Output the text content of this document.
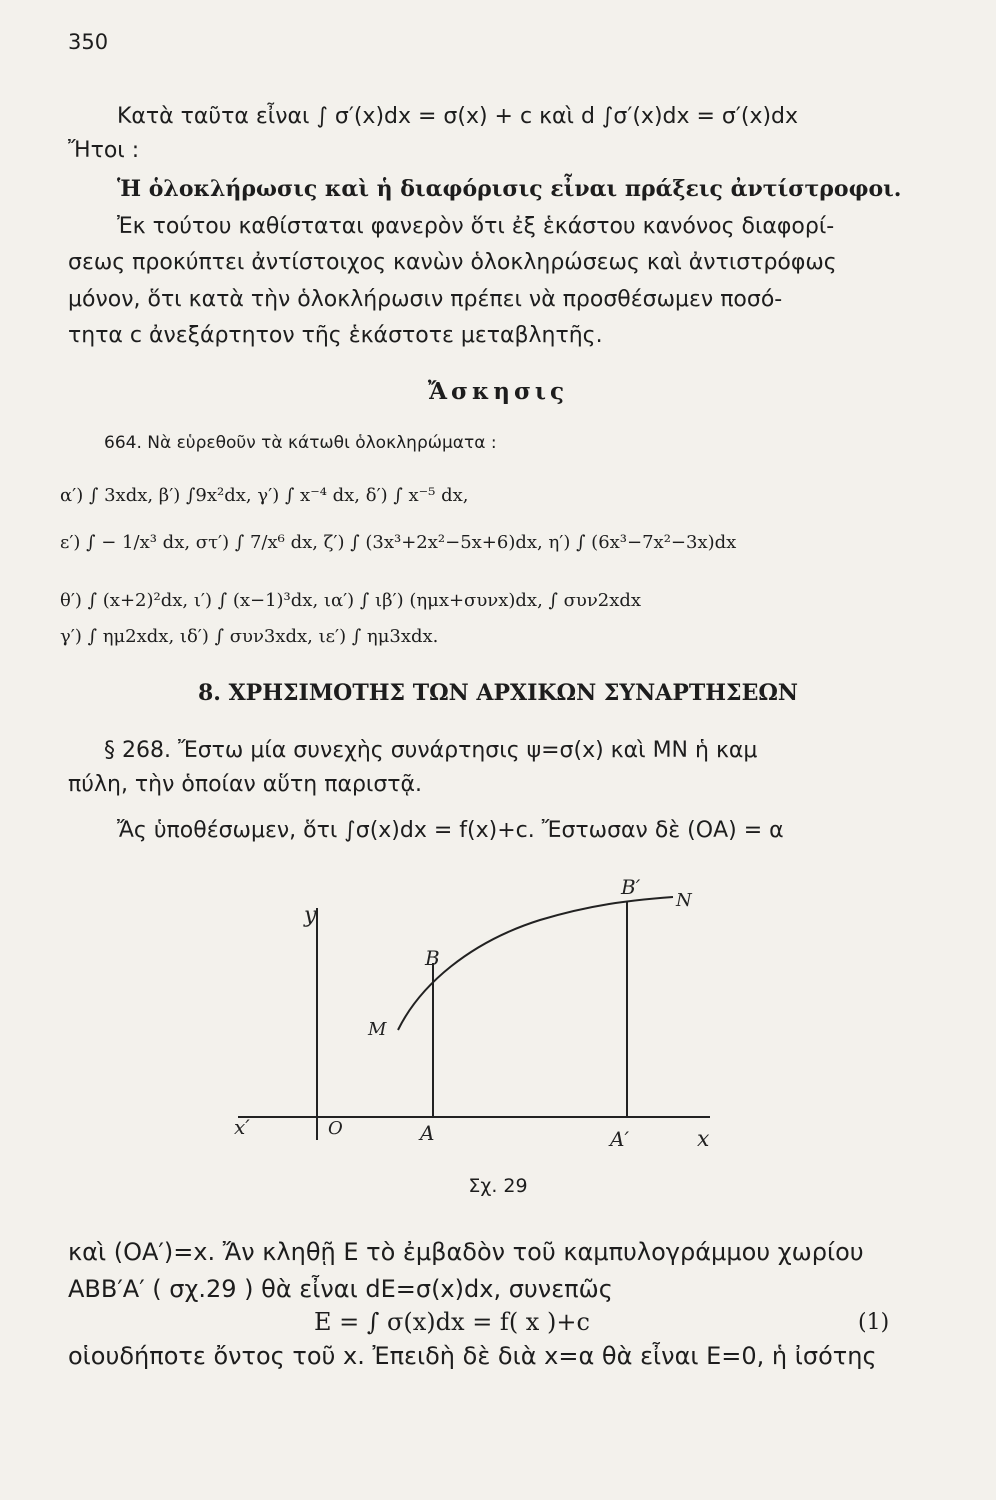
350
Κατὰ ταῦτα εἶναι ∫ σ′(x)dx = σ(x) + c καὶ d ∫σ′(x)dx = σ′(x)dx
Ἤτοι :
Ἡ ὁλοκλήρωσις καὶ ἡ διαφόρισις εἶναι πράξεις ἀντίστροφοι.
Ἐκ τούτου καθίσταται φανερὸν ὅτι ἐξ ἑκάστου κανόνος διαφορί-
σεως προκύπτει ἀντίστοιχος κανὼν ὁλοκληρώσεως καὶ ἀντιστρόφως
μόνον, ὅτι κατὰ τὴν ὁλοκλήρωσιν πρέπει νὰ προσθέσωμεν ποσό-
τητα c ἀνεξάρτητον τῆς ἑκάστοτε μεταβλητῆς.
Ἄσκησις
664. Νὰ εὑρεθοῦν τὰ κάτωθι ὁλοκληρώματα :
α′) ∫ 3xdx, β′) ∫9x²dx, γ′) ∫ x⁻⁴ dx, δ′) ∫ x⁻⁵ dx,
ε′) ∫ − 1/x³ dx, στ′) ∫ 7/x⁶ dx, ζ′) ∫ (3x³+2x²−5x+6)dx, η′) ∫ (6x³−7x²−3x)dx
θ′) ∫ (x+2)²dx, ι′) ∫ (x−1)³dx, ια′) ∫ ιβ′) (ημx+συνx)dx, ∫ συν2xdx
γ′) ∫ ημ2xdx, ιδ′) ∫ συν3xdx, ιε′) ∫ ημ3xdx.
8. ΧΡΗΣΙΜΟΤΗΣ ΤΩΝ ΑΡΧΙΚΩΝ ΣΥΝΑΡΤΗΣΕΩΝ
§ 268. Ἔστω μία συνεχὴς συνάρτησις ψ=σ(x) καὶ ΜΝ ἡ καμ
πύλη, τὴν ὁποίαν αὕτη παριστᾷ.
Ἄς ὑποθέσωμεν, ὅτι ∫σ(x)dx = f(x)+c. Ἔστωσαν δὲ (ΟΑ) = α
y
x
x′	O	A	A′
B
B′
M
N
Σχ. 29
καὶ (ΟΑ′)=x. Ἄν κληθῇ Ε τὸ ἐμβαδὸν τοῦ καμπυλογράμμου χωρίου
ΑΒΒ′Α′ ( σχ.29 ) θὰ εἶναι dE=σ(x)dx, συνεπῶς
E = ∫ σ(x)dx = f( x )+c	(1)
οἱουδήποτε ὄντος τοῦ x. Ἐπειδὴ δὲ διὰ x=α θὰ εἶναι E=0, ἡ ἰσότης
